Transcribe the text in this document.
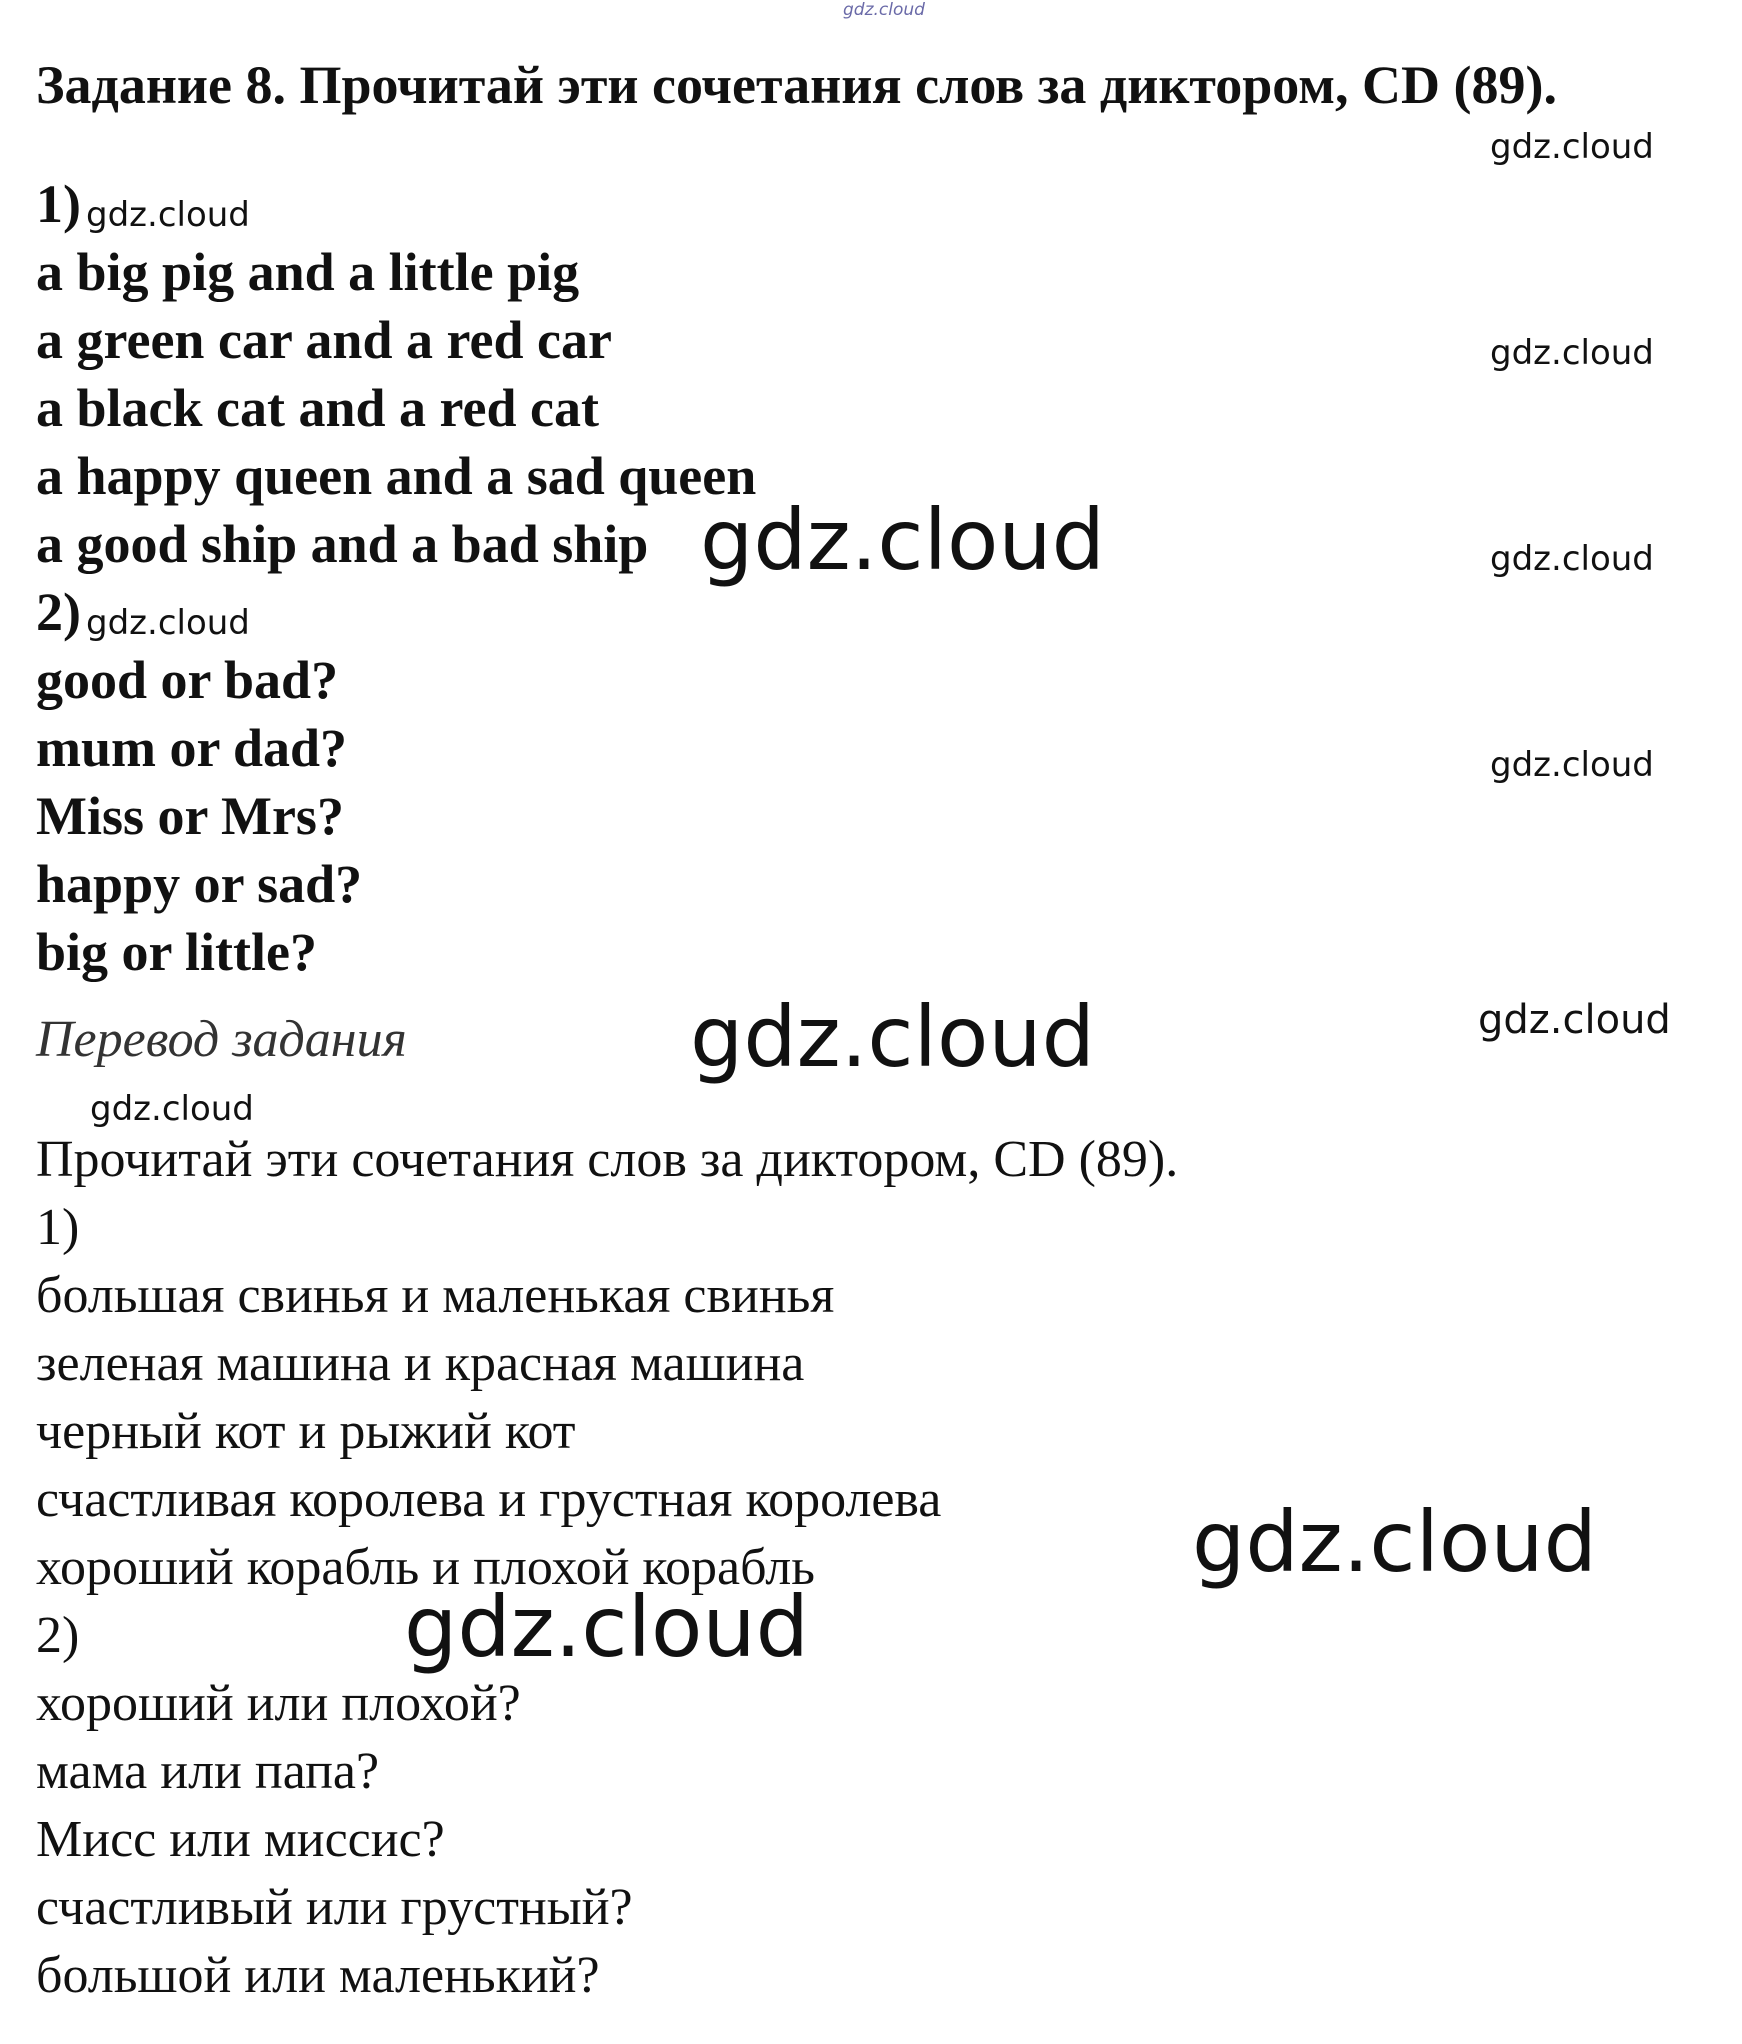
gdz.cloud
gdz.cloud
gdz.cloud
gdz.cloud
gdz.cloud
gdz.cloud
gdz.cloud
gdz.cloud
gdz.cloud
gdz.cloud
gdz.cloud
gdz.cloud
gdz.cloud
Задание 8. Прочитай эти сочетания слов за диктором, CD (89).
1)
a big pig and a little pig
a green car and a red car
a black cat and a red cat
a happy queen and a sad queen
a good ship and a bad ship
2)
good or bad?
mum or dad?
Miss or Mrs?
happy or sad?
big or little?
Перевод задания
Прочитай эти сочетания слов за диктором, CD (89).
1)
большая свинья и маленькая свинья
зеленая машина и красная машина
черный кот и рыжий кот
счастливая королева и грустная королева
хороший корабль и плохой корабль
2)
хороший или плохой?
мама или папа?
Мисс или миссис?
счастливый или грустный?
большой или маленький?
